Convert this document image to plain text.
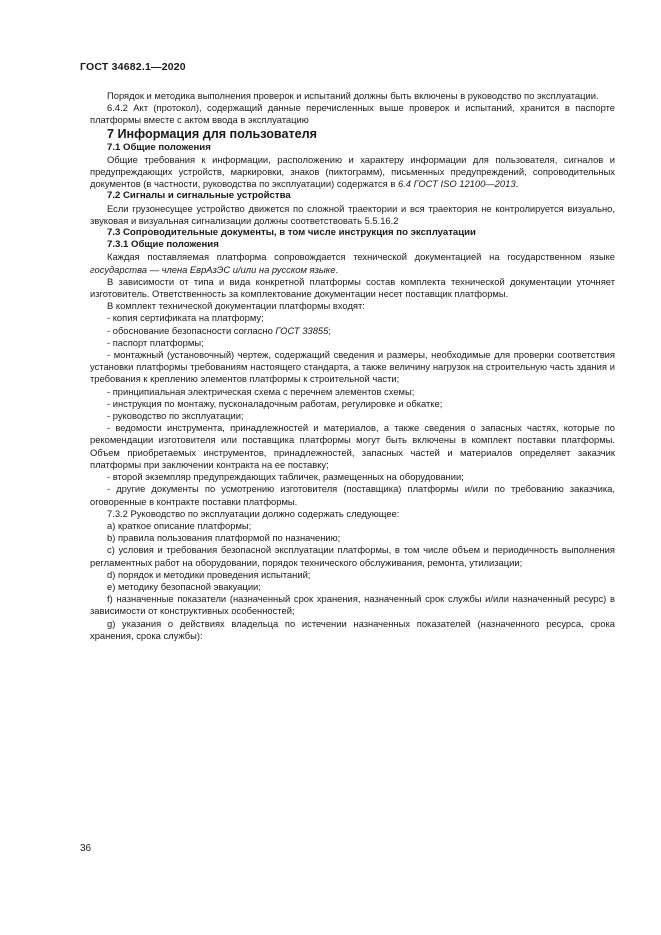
ГОСТ 34682.1—2020

Порядок и методика выполнения проверок и испытаний должны быть включены в руководство по эксплуатации.

6.4.2 Акт (протокол), содержащий данные перечисленных выше проверок и испытаний, хранится в паспорте платформы вместе с актом ввода в эксплуатацию

7 Информация для пользователя

7.1 Общие положения

Общие требования к информации, расположению и характеру информации для пользователя, сигналов и предупреждающих устройств, маркировки, знаков (пиктограмм), письменных предупреждений, сопроводительных документов (в частности, руководства по эксплуатации) содержатся в 6.4 ГОСТ ISO 12100—2013.

7.2 Сигналы и сигнальные устройства

Если грузонесущее устройство движется по сложной траектории и вся траектория не контролируется визуально, звуковая и визуальная сигнализации должны соответствовать 5.5.16.2

7.3 Сопроводительные документы, в том числе инструкция по эксплуатации

7.3.1 Общие положения

Каждая поставляемая платформа сопровождается технической документацией на государственном языке государства — члена ЕврАзЭС и/или на русском языке.

В зависимости от типа и вида конкретной платформы состав комплекта технической документации уточняет изготовитель. Ответственность за комплектование документации несет поставщик платформы.

В комплект технической документации платформы входят:

- копия сертификата на платформу;

- обоснование безопасности согласно ГОСТ 33855;

- паспорт платформы;

- монтажный (установочный) чертеж, содержащий сведения и размеры, необходимые для проверки соответствия установки платформы требованиям настоящего стандарта, а также величину нагрузок на строительную часть здания и требования к креплению элементов платформы к строительной части;

- принципиальная электрическая схема с перечнем элементов схемы;

- инструкция по монтажу, пусконаладочным работам, регулировке и обкатке;

- руководство по эксплуатации;

- ведомости инструмента, принадлежностей и материалов, а также сведения о запасных частях, которые по рекомендации изготовителя или поставщика платформы могут быть включены в комплект поставки платформы. Объем приобретаемых инструментов, принадлежностей, запасных частей и материалов определяет заказчик платформы при заключении контракта на ее поставку;

- второй экземпляр предупреждающих табличек, размещенных на оборудовании;

- другие документы по усмотрению изготовителя (поставщика) платформы и/или по требованию заказчика, оговоренные в контракте поставки платформы.

7.3.2 Руководство по эксплуатации должно содержать следующее:

а) краткое описание платформы;

b) правила пользования платформой по назначению;

с) условия и требования безопасной эксплуатации платформы, в том числе объем и периодичность выполнения регламентных работ на оборудовании, порядок технического обслуживания, ремонта, утилизации;

d) порядок и методики проведения испытаний;

е) методику безопасной эвакуации;

f) назначенные показатели (назначенный срок хранения, назначенный срок службы и/или назначенный ресурс) в зависимости от конструктивных особенностей;

g) указания о действиях владельца по истечении назначенных показателей (назначенного ресурса, срока хранения, срока службы):

36
